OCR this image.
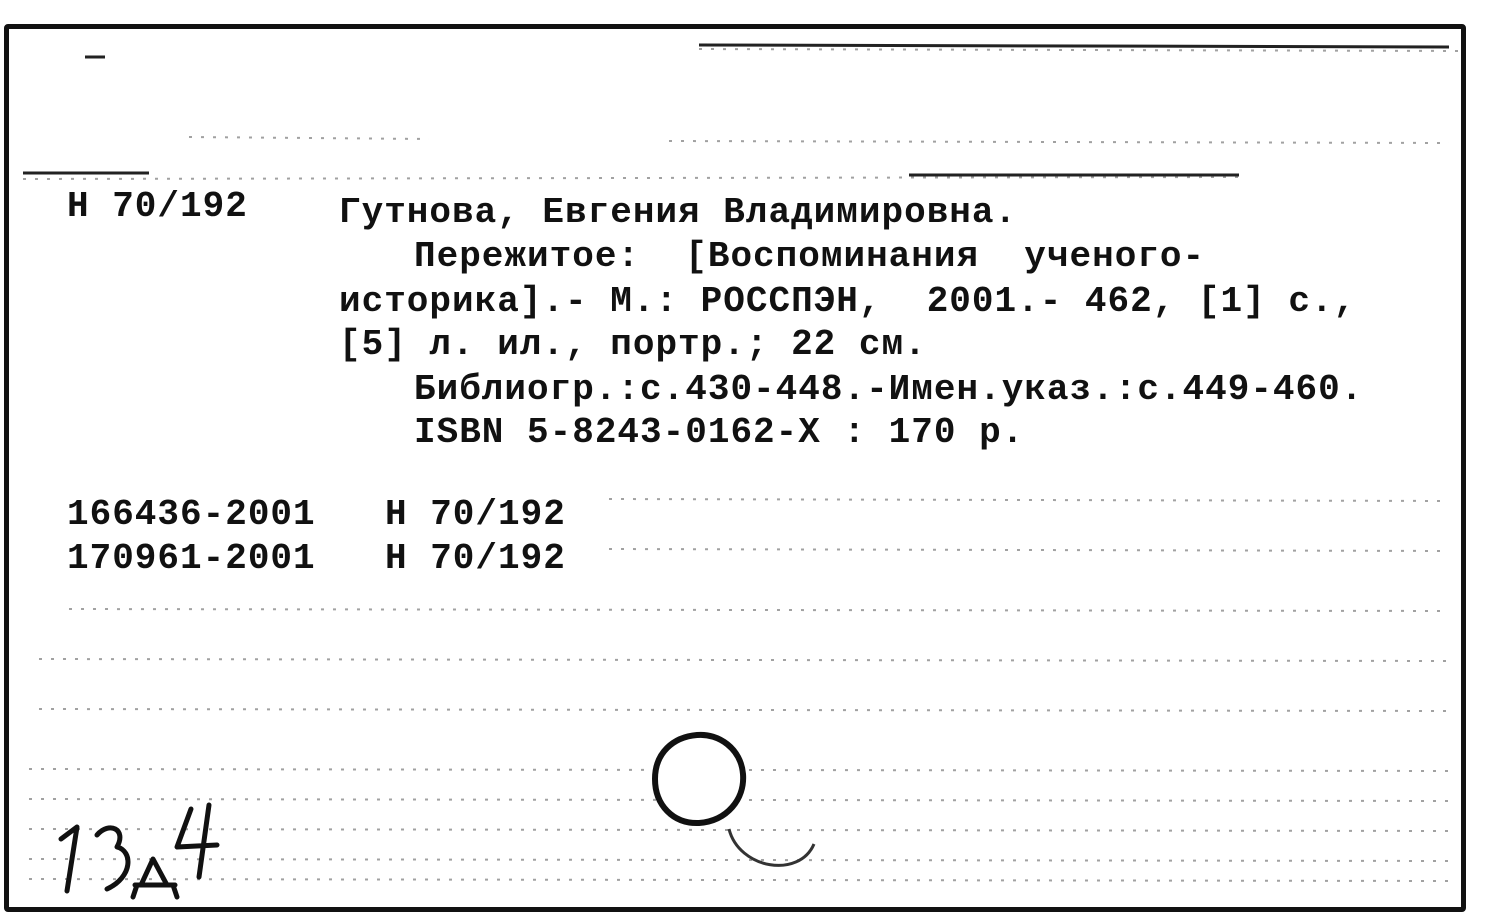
Н 70/192	Гутнова, Евгения Владимировна.
Пережитое:  [Воспоминания  ученого-
историка].- М.: РОССПЭН,  2001.- 462, [1] с.,
[5] л. ил., портр.; 22 см.
Библиогр.:с.430-448.-Имен.указ.:с.449-460.
ISBN 5-8243-0162-X : 170 р.
166436-2001 Н 70/192
170961-2001 Н 70/192
